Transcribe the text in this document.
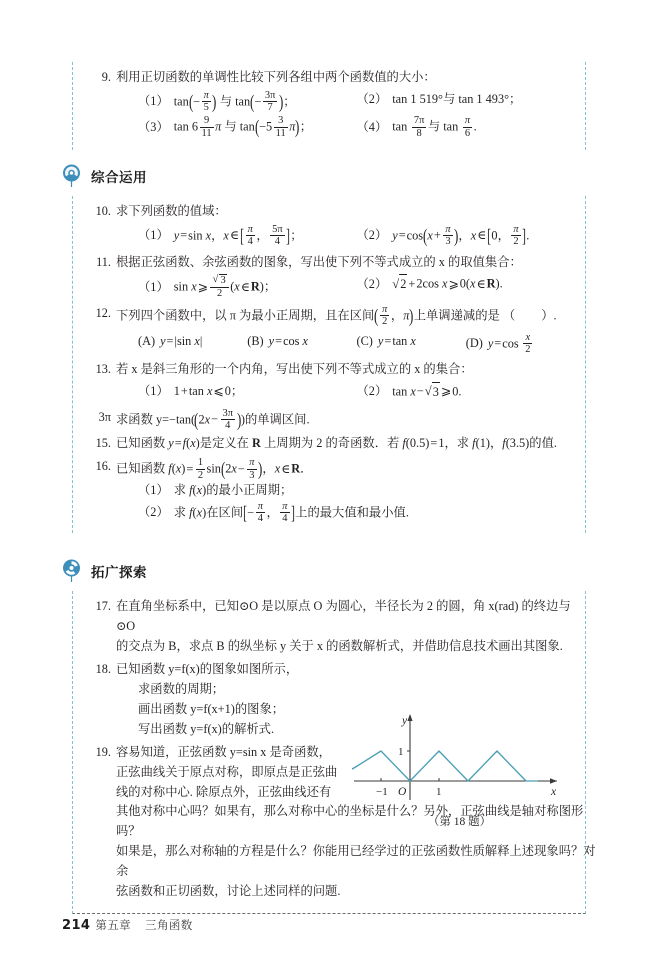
9. 利用正切函数的单调性比较下列各组中两个函数值的大小：
（1） $\tan(- \frac{\pi}{5}$ ) 与 $\tan(- \frac{3\pi}{7}$ )；	（2） tan 1 519°与 tan 1 493°；
（3） $\tan 6 \frac{9}{11}$ π 与 $\tan(-5 \frac{3}{11} \pi)$；	（4） $\tan \frac{7\pi}{8}$ 与 $\tan \frac{\pi}{6}$ .
综合运用
10. 求下列函数的值域：
（1） y=sin x，x∈[ $\frac{\pi}{4}$ ， $\frac{5\pi}{4}$ ]；	（2） $y=\cos(x+ \frac{\pi}{3}$ )，x∈[0， $\frac{\pi}{2}$ ].
11. 根据正弦函数、余弦函数的图象，写出使下列不等式成立的 x 的取值集合：
（1） sin x⩾ √ $\frac{3}{2}$ (x∈R)；	（2） √ 2 +2cos x⩾0(x∈R).
12. 下列四个函数中，以 π 为最小正周期，且在区间( $\frac{\pi}{2}$ ，π)上单调递减的是 （ ）.
(A) y=|sin x|	(B) y=cos x	(C) y=tan x	(D) $y=\cos \frac{x}{2}$
13. 若 x 是斜三角形的一个内角，写出使下列不等式成立的 x 的集合：
（1） 1+tan x⩽0；	（2） tan x− √ 3 ⩾0.
3π 求函数 $y=-\tan((2x- \frac{3\pi}{4}$ ))的单调区间.
15. 已知函数 y=f(x)是定义在 R 上周期为 2 的奇函数．若 f(0.5)=1，求 f(1)，f(3.5)的值.
16. 已知函数 $f(x)= \frac{1}{2} \sin(2x- \frac{\pi}{3}$ )，x∈R．
（1） 求 f(x)的最小正周期；
（2） 求 f(x)在区间[− $\frac{\pi}{4}$ ， $\frac{\pi}{4}$ ]上的最大值和最小值.
拓广探索
17. 在直角坐标系中，已知⊙O 是以原点 O 为圆心，半径长为 2 的圆，角 x(rad) 的终边与⊙O
的交点为 B，求点 B 的纵坐标 y 关于 x 的函数解析式，并借助信息技术画出其图象.
18. 已知函数 y=f(x)的图象如图所示，
求函数的周期；
画出函数 y=f(x+1)的图象；
写出函数 y=f(x)的解析式.
19. 容易知道，正弦函数 y=sin x 是奇函数，
正弦曲线关于原点对称，即原点是正弦曲
线的对称中心. 除原点外，正弦曲线还有
其他对称中心吗？如果有，那么对称中心的坐标是什么？另外，正弦曲线是轴对称图形吗？
如果是，那么对称轴的方程是什么？你能用已经学过的正弦函数性质解释上述现象吗？对余
弦函数和正切函数，讨论上述同样的问题.
−1	1
O
1
x
y
（第 18 题）
214 第五章 三角函数
